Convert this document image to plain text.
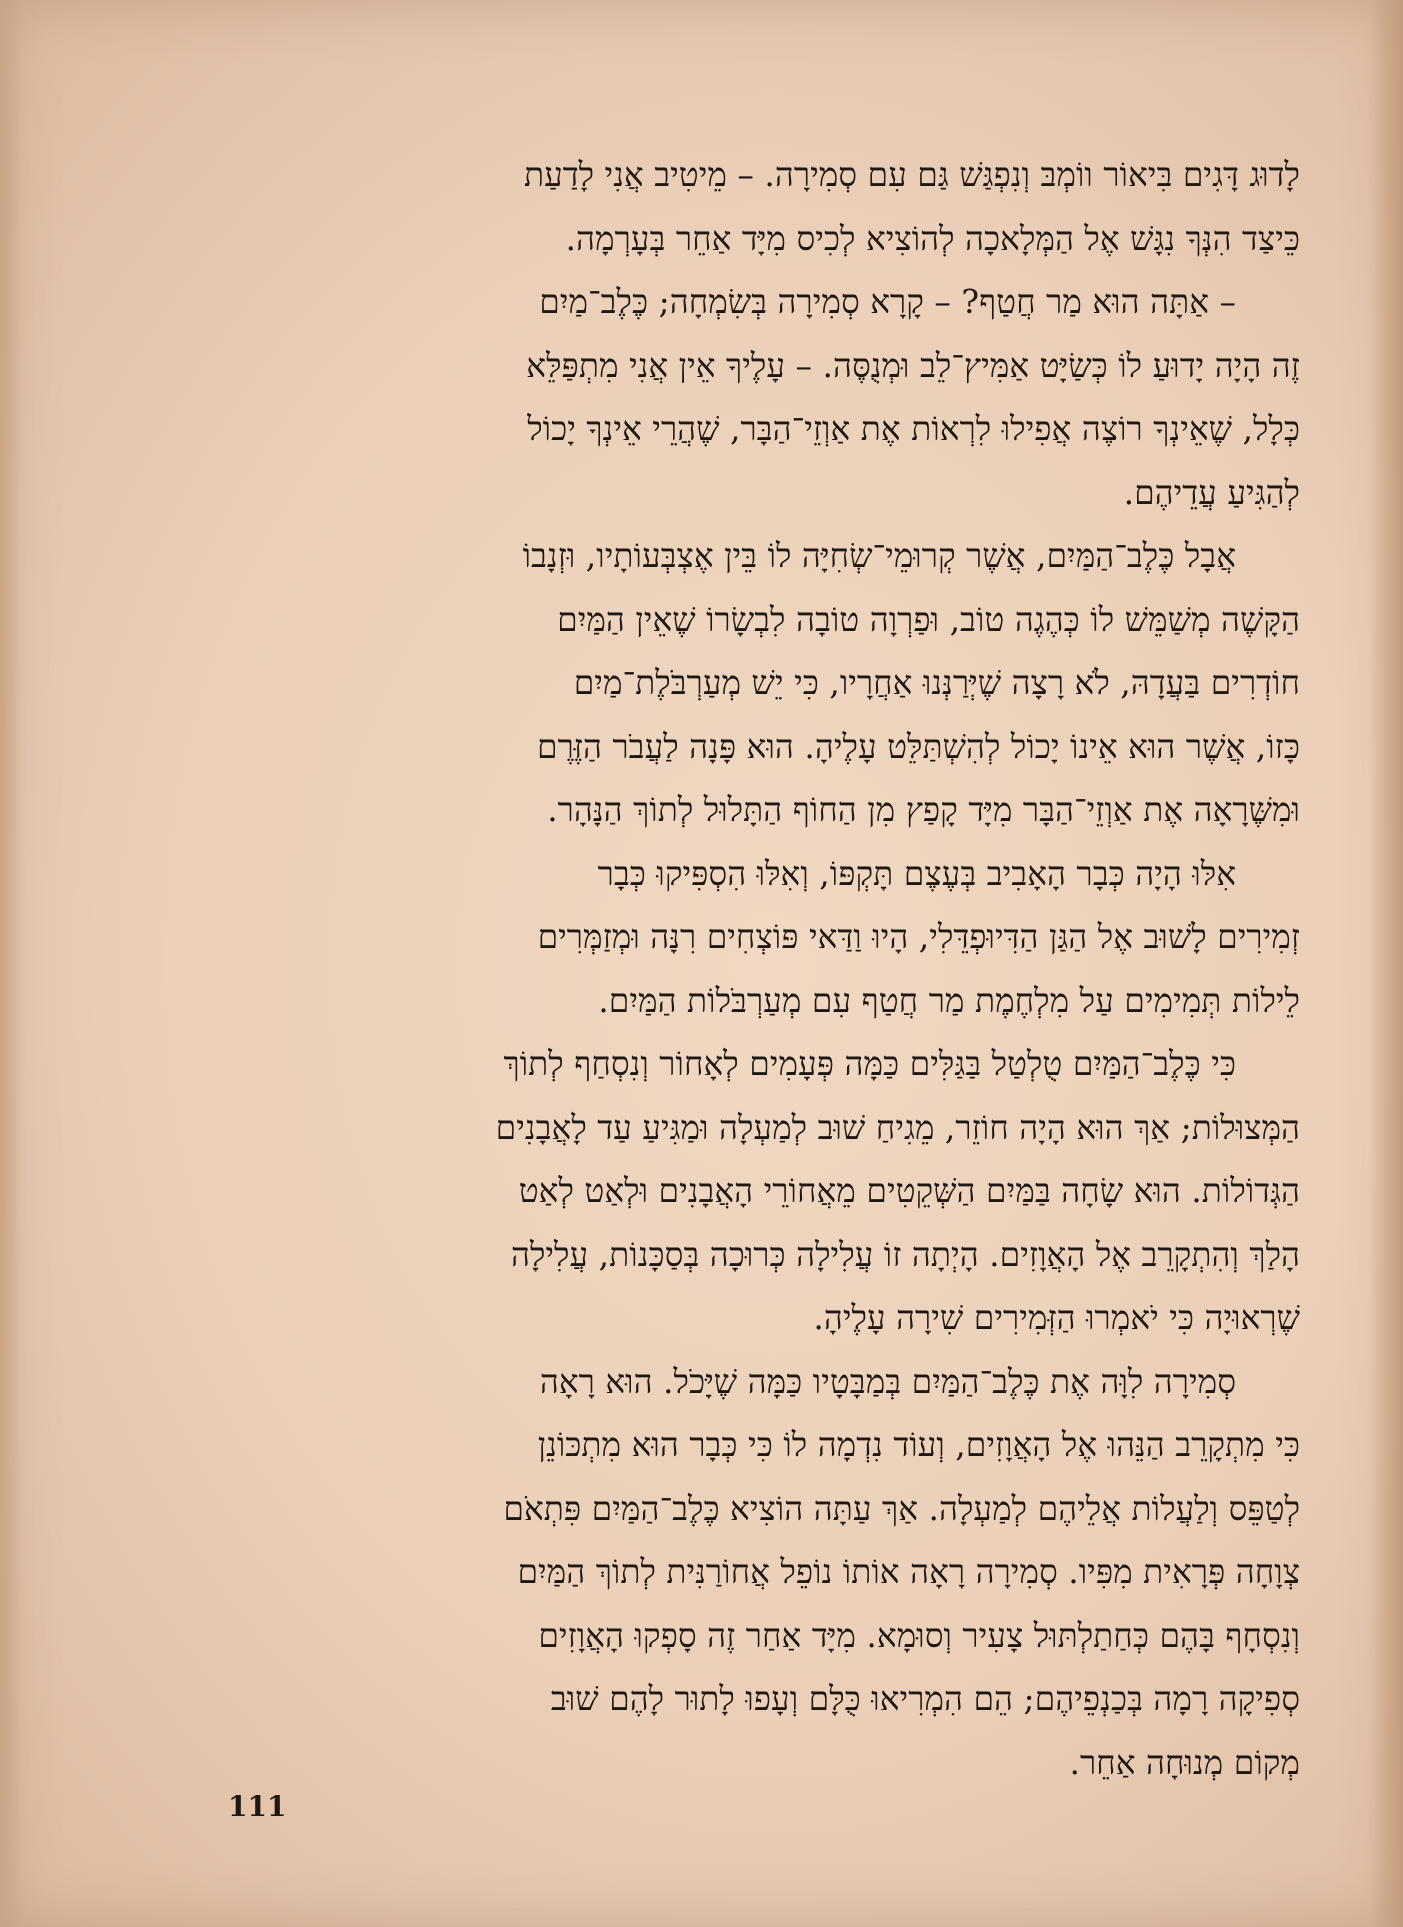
לָדוּג דָּגִים בִּיאוֹר ווֹמְבּ וְנִפְגַּשׁ גַּם עִם סְמִירָה. – מֵיטִיב אֲנִי לָדַעַת
כֵּיצַד הִנְּךָ נִגָּשׁ אֶל הַמְּלָאכָה לְהוֹצִיא לְכִיס מִיָּד אַחֵר בְּעָרְמָה.
– אַתָּה הוּא מַר חֲטַף? – קָרָא סְמִירָה בְּשִׂמְחָה; כֶּלֶב־מַיִם
זֶה הָיָה יָדוּעַ לוֹ כְּשַׂיָּט אַמִּיץ־לֵב וּמְנֻסֶּה. – עָלֶיךָ אֵין אֲנִי מִתְפַּלֵּא
כְּלָל, שֶׁאֵינְךָ רוֹצֶה אֲפִילוּ לִרְאוֹת אֶת אַוְזֵי־הַבָּר, שֶׁהֲרֵי אֵינְךָ יָכוֹל
לְהַגִּיעַ עֲדֵיהֶם.
אֲבָל כֶּלֶב־הַמַּיִם, אֲשֶׁר קְרוּמֵי־שְׂחִיָּה לוֹ בֵּין אֶצְבְּעוֹתָיו, וּזְנָבוֹ
הַקָּשֶׁה מְשַׁמֵּשׁ לוֹ כְּהֶגֶה טוֹב, וּפַרְוָה טוֹבָה לִבְשָׂרוֹ שֶׁאֵין הַמַּיִם
חוֹדְרִים בַּעֲדָהּ, לֹא רָצָה שֶׁיְּרַנְּנוּ אַחֲרָיו, כִּי יֵשׁ מְעַרְבֹּלֶת־מַיִם
כָּזוֹ, אֲשֶׁר הוּא אֵינוֹ יָכוֹל לְהִשְׁתַּלֵּט עָלֶיהָ. הוּא פָּנָה לַעֲבֹר הַזֶּרֶם
וּמִשֶּׁרָאָה אֶת אַוְזֵי־הַבָּר מִיָּד קָפַץ מִן הַחוֹף הַתָּלוּל לְתוֹךְ הַנָּהָר.
אִלּוּ הָיָה כְּבָר הָאָבִיב בְּעֶצֶם תָּקְפּוֹ, וְאִלּוּ הִסְפִּיקוּ כְּבָר
זְמִירִים לָשׁוּב אֶל הַגַּן הַדִּיוּפְדֵּלִי, הָיוּ וַדַּאי פּוֹצְחִים רִנָּה וּמְזַמְּרִים
לֵילוֹת תְּמִימִים עַל מִלְחֶמֶת מַר חֲטַף עִם מְעַרְבֹּלוֹת הַמַּיִם.
כִּי כֶּלֶב־הַמַּיִם טֻלְטַל בַּגַּלִּים כַּמָּה פְּעָמִים לְאָחוֹר וְנִסְחַף לְתוֹךְ
הַמְּצוּלוֹת; אַךְ הוּא הָיָה חוֹזֵר, מֵגִיחַ שׁוּב לְמַעְלָה וּמַגִּיעַ עַד לָאֲבָנִים
הַגְּדוֹלוֹת. הוּא שָׂחָה בַּמַּיִם הַשְּׁקֵטִים מֵאֲחוֹרֵי הָאֲבָנִים וּלְאַט לְאַט
הָלַךְ וְהִתְקָרֵב אֶל הָאֲוָזִים. הָיְתָה זוֹ עֲלִילָה כְּרוּכָה בְּסַכָּנוֹת, עֲלִילָה
שֶׁרְאוּיָה כִּי יֹאמְרוּ הַזְּמִירִים שִׁירָה עָלֶיהָ.
סְמִירָה לִוָּה אֶת כֶּלֶב־הַמַּיִם בְּמַבָּטָיו כַּמָּה שֶׁיָּכֹל. הוּא רָאָה
כִּי מִתְקָרֵב הַנֵּהוּ אֶל הָאֲוָזִים, וְעוֹד נִדְמָה לוֹ כִּי כְּבָר הוּא מִתְכּוֹנֵן
לְטַפֵּס וְלַעֲלוֹת אֲלֵיהֶם לְמַעְלָה. אַךְ עַתָּה הוֹצִיא כֶּלֶב־הַמַּיִם פִּתְאֹם
צְוָחָה פְּרָאִית מִפִּיו. סְמִירָה רָאָה אוֹתוֹ נוֹפֵל אֲחוֹרַנִּית לְתוֹךְ הַמַּיִם
וְנִסְחָף בָּהֶם כְּחַתַלְתּוּל צָעִיר וְסוּמָא. מִיָּד אַחַר זֶה סָפְקוּ הָאֲוָזִים
סְפִיקָה רָמָה בְּכַנְפֵיהֶם; הֵם הִמְרִיאוּ כֻּלָּם וְעָפוּ לָתוּר לָהֶם שׁוּב
מְקוֹם מְנוּחָה אַחֵר.
111
